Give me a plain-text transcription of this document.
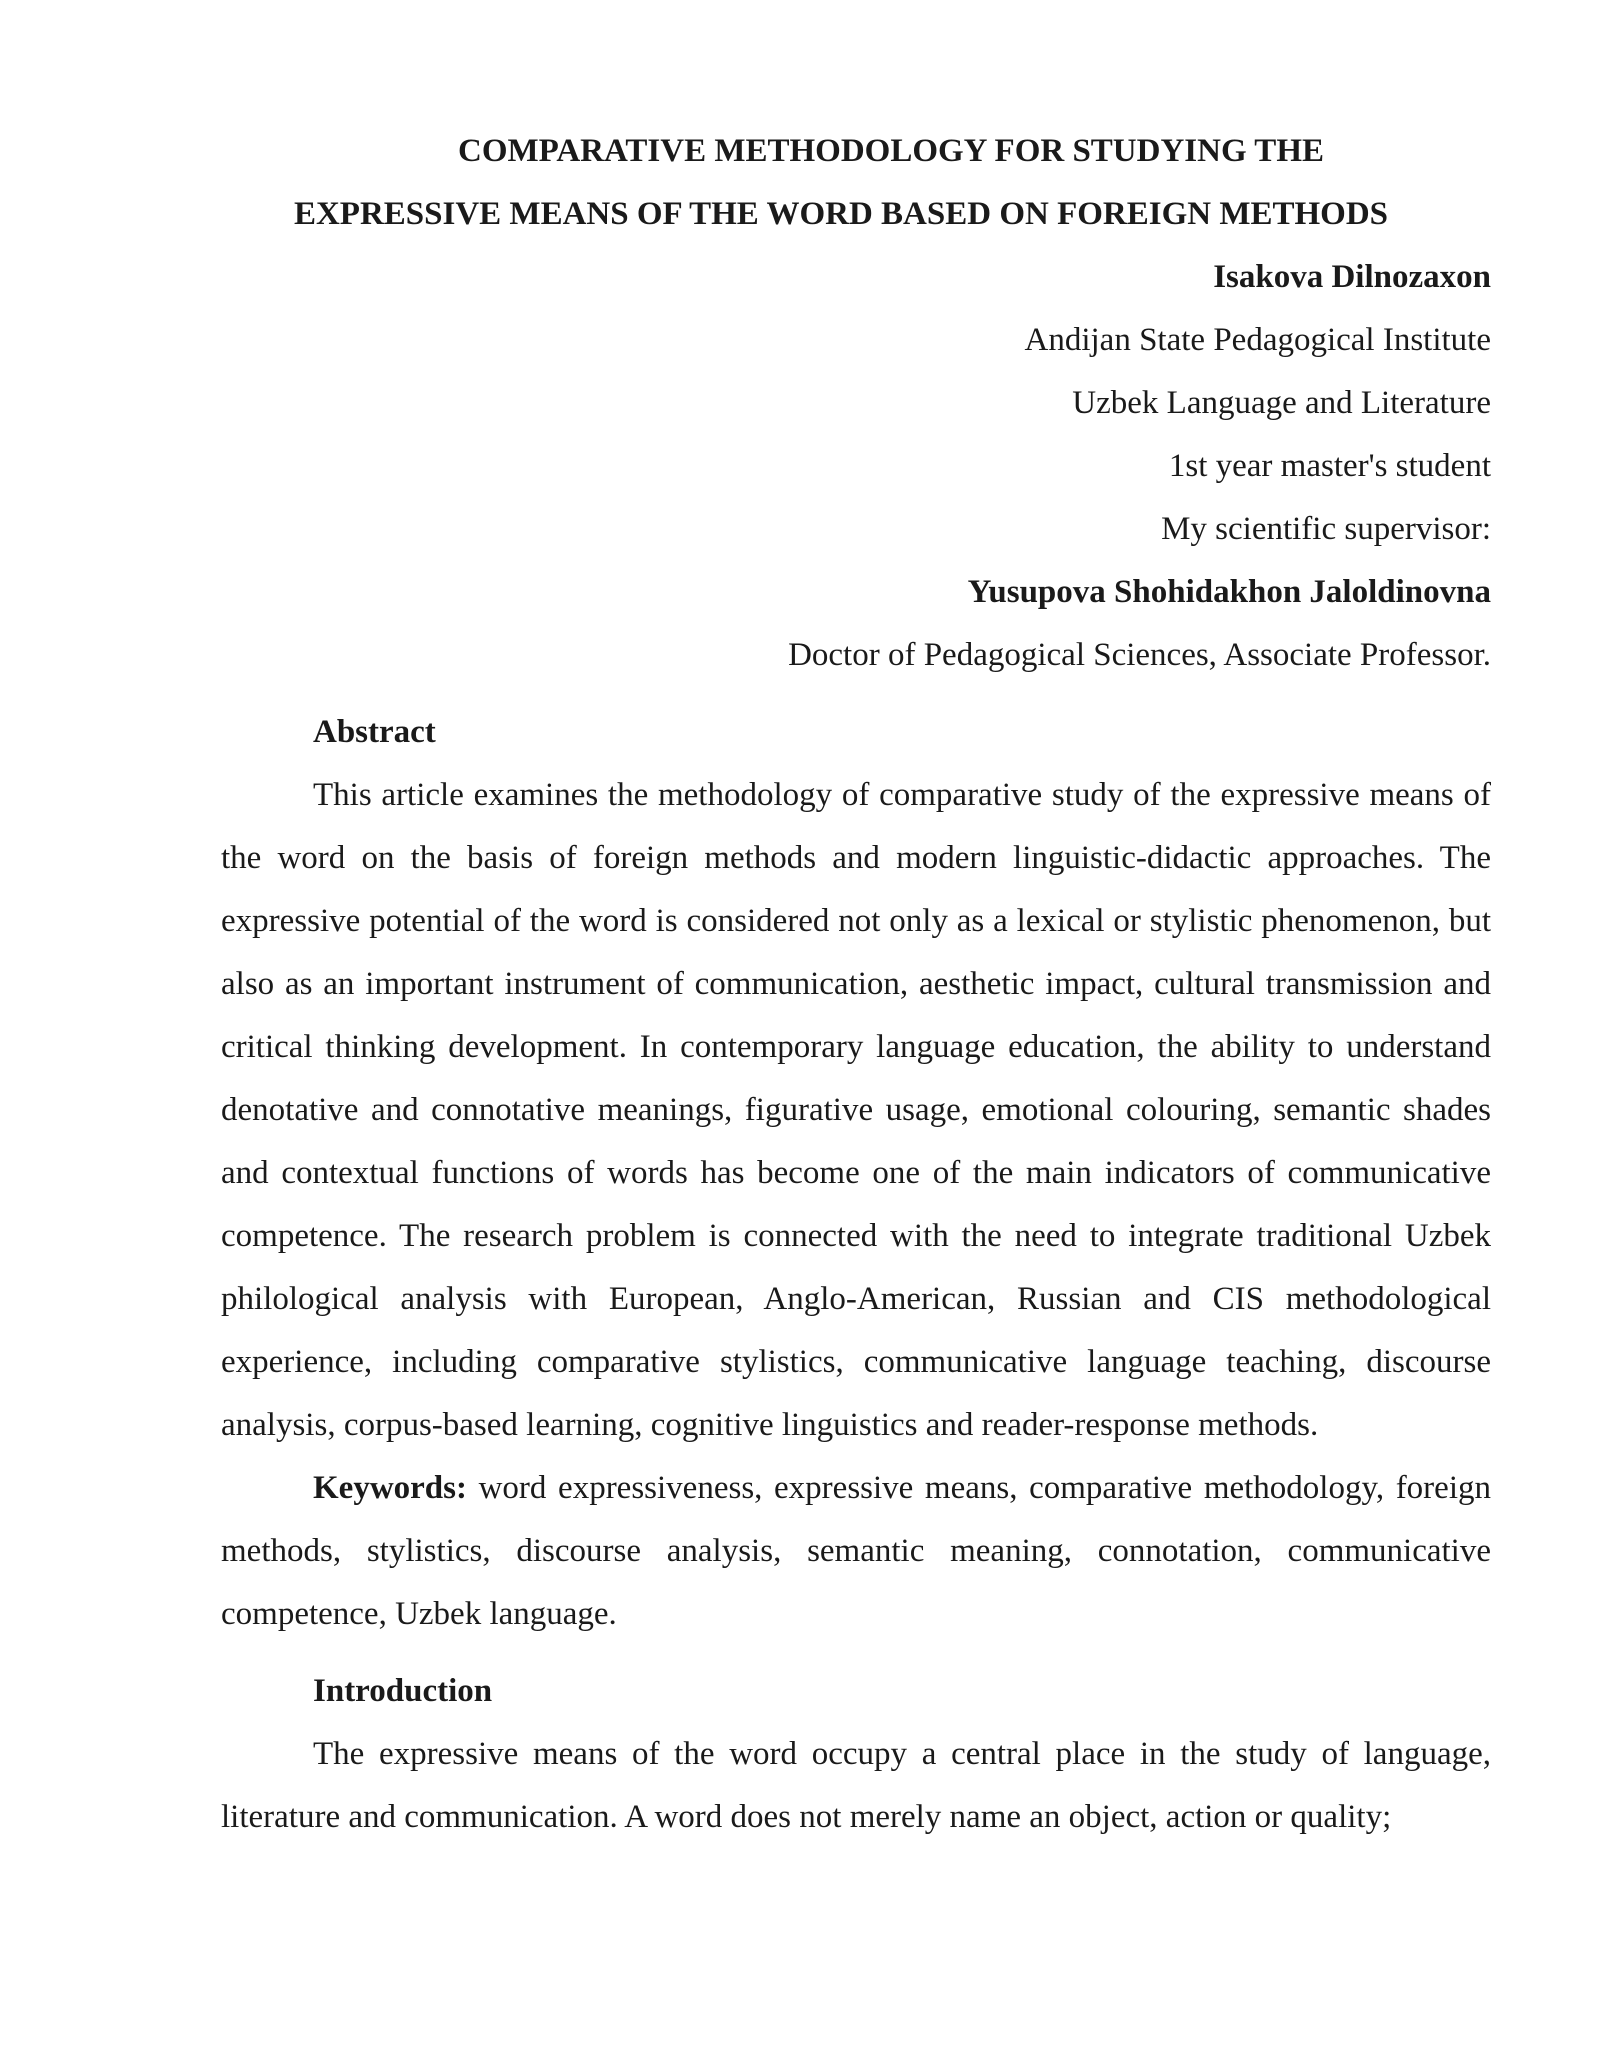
COMPARATIVE METHODOLOGY FOR STUDYING THE
EXPRESSIVE MEANS OF THE WORD BASED ON FOREIGN METHODS
Isakova Dilnozaxon
Andijan State Pedagogical Institute
Uzbek Language and Literature
1st year master's student
My scientific supervisor:
Yusupova Shohidakhon Jaloldinovna
Doctor of Pedagogical Sciences, Associate Professor.
Abstract

This article examines the methodology of comparative study of the expressive means of the word on the basis of foreign methods and modern linguistic-didactic approaches. The expressive potential of the word is considered not only as a lexical or stylistic phenomenon, but also as an important instrument of communication, aesthetic impact, cultural transmission and critical thinking development. In contemporary language education, the ability to understand denotative and connotative meanings, figurative usage, emotional colouring, semantic shades and contextual functions of words has become one of the main indicators of communicative competence. The research problem is connected with the need to integrate traditional Uzbek philological analysis with European, Anglo-American, Russian and CIS methodological experience, including comparative stylistics, communicative language teaching, discourse analysis, corpus-based learning, cognitive linguistics and reader-response methods.

Keywords: word expressiveness, expressive means, comparative methodology, foreign methods, stylistics, discourse analysis, semantic meaning, connotation, communicative competence, Uzbek language.

Introduction

The expressive means of the word occupy a central place in the study of language, literature and communication. A word does not merely name an object, action or quality;
